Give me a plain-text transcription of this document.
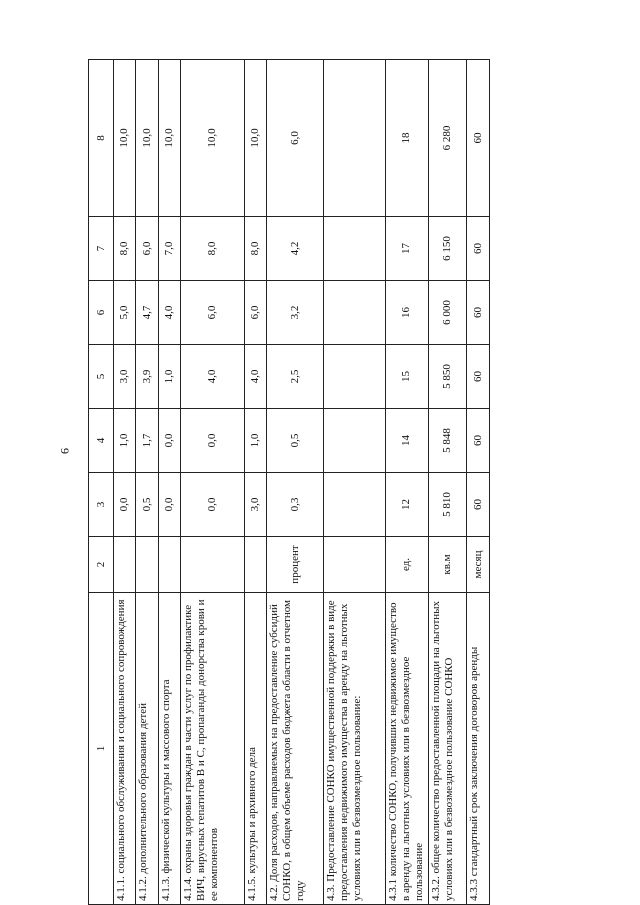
9
1	2	3	4	5	6	7	8
4.1.1. социального обслуживания и социального сопровождения		0,0	1,0	3,0	5,0	8,0	10,0
4.1.2. дополнительного образования детей		0,5	1,7	3,9	4,7	6,0	10,0
4.1.3. физической культуры и массового спорта		0,0	0,0	1,0	4,0	7,0	10,0
4.1.4. охраны здоровья граждан в части услуг по профилактике ВИЧ, вирусных гепатитов В и С, пропаганды донорства крови и ее компонентов		0,0	0,0	4,0	6,0	8,0	10,0
4.1.5. культуры и архивного дела		3,0	1,0	4,0	6,0	8,0	10,0
4.2. Доля расходов, направляемых на предоставление субсидий СОНКО, в общем объеме расходов бюджета области в отчетном году	процент	0,3	0,5	2,5	3,2	4,2	6,0
4.3. Предоставление СОНКО имущественной поддержки в виде предоставления недвижимого имущества в аренду на льготных условиях или в безвозмездное пользование:							
4.3.1 количество СОНКО, получивших недвижимое имущество в аренду на льготных условиях или в безвозмездное пользование	ед.	12	14	15	16	17	18
4.3.2. общее количество предоставленной площади на льготных условиях или в безвозмездное пользование СОНКО	кв.м	5 810	5 848	5 850	6 000	6 150	6 280
4.3.3 стандартный срок заключения договоров аренды	месяц	60	60	60	60	60	60
